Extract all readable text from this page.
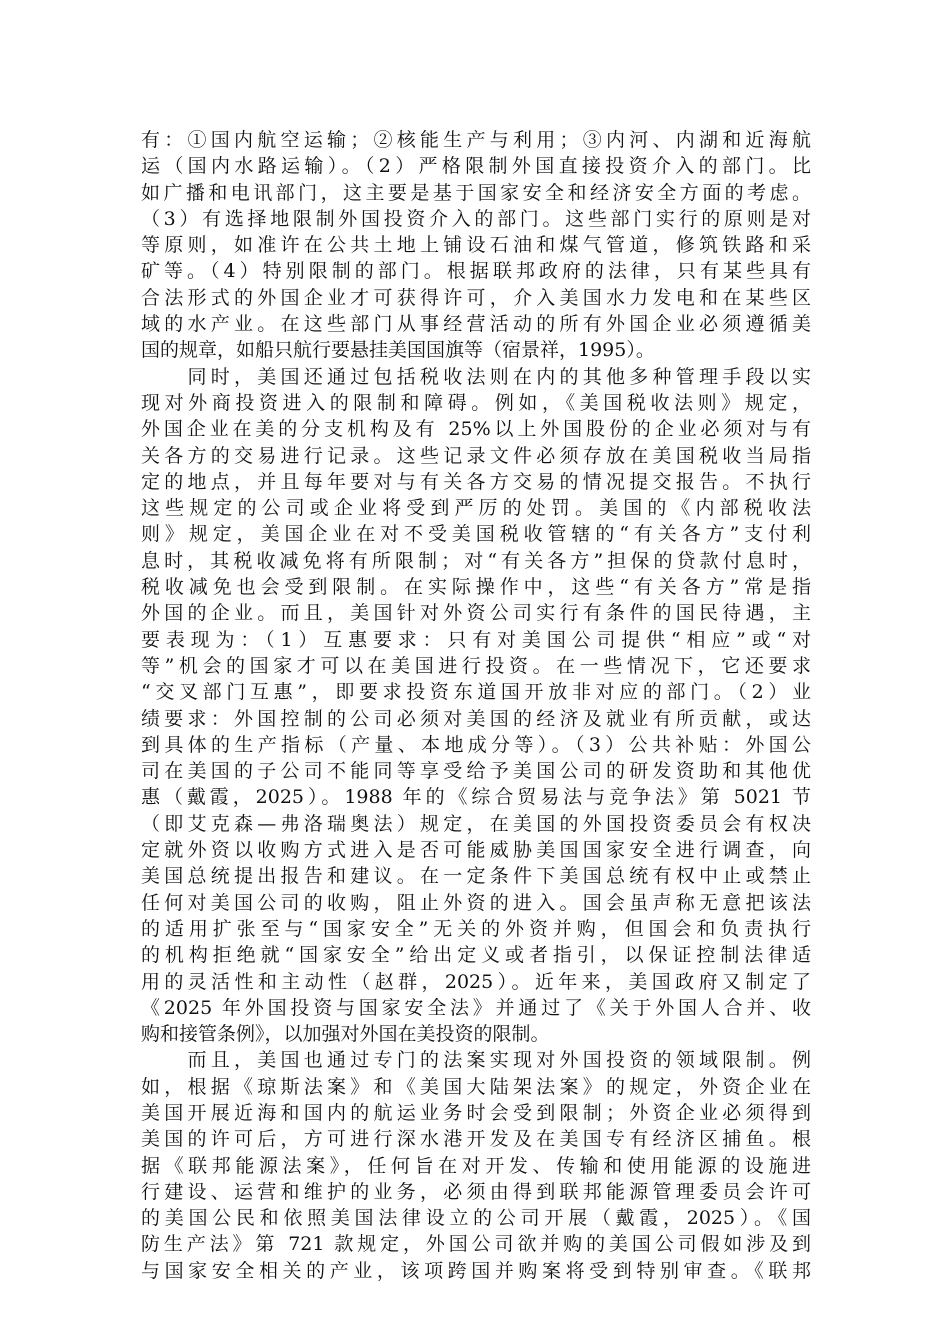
有：①国内航空运输；②核能生产与利用；③内河、内湖和近海航
运（国内水路运输）。（2）严格限制外国直接投资介入的部门。比
如广播和电讯部门，这主要是基于国家安全和经济安全方面的考虑。
（3）有选择地限制外国投资介入的部门。这些部门实行的原则是对
等原则，如准许在公共土地上铺设石油和煤气管道，修筑铁路和采
矿等。（4）特别限制的部门。根据联邦政府的法律，只有某些具有
合法形式的外国企业才可获得许可，介入美国水力发电和在某些区
域的水产业。在这些部门从事经营活动的所有外国企业必须遵循美
国的规章，如船只航行要悬挂美国国旗等（宿景祥，1995）。
　　同时，美国还通过包括税收法则在内的其他多种管理手段以实
现对外商投资进入的限制和障碍。例如，《美国税收法则》规定，
外国企业在美的分支机构及有 25%以上外国股份的企业必须对与有
关各方的交易进行记录。这些记录文件必须存放在美国税收当局指
定的地点，并且每年要对与有关各方交易的情况提交报告。不执行
这些规定的公司或企业将受到严厉的处罚。美国的《内部税收法
则》规定，美国企业在对不受美国税收管辖的“有关各方”支付利
息时，其税收减免将有所限制；对“有关各方”担保的贷款付息时，
税收减免也会受到限制。在实际操作中，这些“有关各方”常是指
外国的企业。而且，美国针对外资公司实行有条件的国民待遇，主
要表现为：（1）互惠要求：只有对美国公司提供“相应”或“对
等”机会的国家才可以在美国进行投资。在一些情况下，它还要求
“交叉部门互惠”，即要求投资东道国开放非对应的部门。（2）业
绩要求：外国控制的公司必须对美国的经济及就业有所贡献，或达
到具体的生产指标（产量、本地成分等）。（3）公共补贴：外国公
司在美国的子公司不能同等享受给予美国公司的研发资助和其他优
惠（戴霞，2025）。1988 年的《综合贸易法与竞争法》第 5021 节
（即艾克森—弗洛瑞奥法）规定，在美国的外国投资委员会有权决
定就外资以收购方式进入是否可能威胁美国国家安全进行调查，向
美国总统提出报告和建议。在一定条件下美国总统有权中止或禁止
任何对美国公司的收购，阻止外资的进入。国会虽声称无意把该法
的适用扩张至与“国家安全”无关的外资并购，但国会和负责执行
的机构拒绝就“国家安全”给出定义或者指引，以保证控制法律适
用的灵活性和主动性（赵群，2025）。近年来，美国政府又制定了
《2025 年外国投资与国家安全法》并通过了《关于外国人合并、收
购和接管条例》，以加强对外国在美投资的限制。
　　而且，美国也通过专门的法案实现对外国投资的领域限制。例
如，根据《琼斯法案》和《美国大陆架法案》的规定，外资企业在
美国开展近海和国内的航运业务时会受到限制；外资企业必须得到
美国的许可后，方可进行深水港开发及在美国专有经济区捕鱼。根
据《联邦能源法案》，任何旨在对开发、传输和使用能源的设施进
行建设、运营和维护的业务，必须由得到联邦能源管理委员会许可
的美国公民和依照美国法律设立的公司开展（戴霞，2025）。《国
防生产法》第 721 款规定，外国公司欲并购的美国公司假如涉及到
与国家安全相关的产业，该项跨国并购案将受到特别审查。《联邦
